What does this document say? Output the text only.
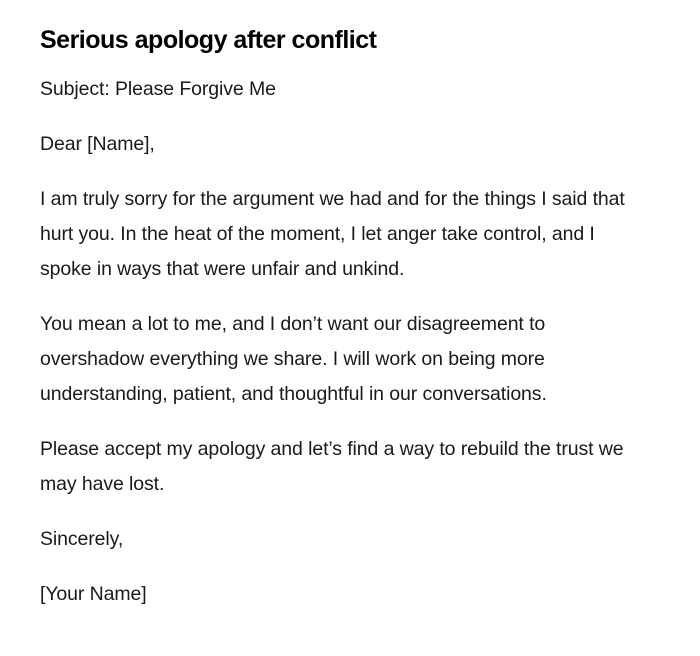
Serious apology after conflict

Subject: Please Forgive Me

Dear [Name],

I am truly sorry for the argument we had and for the things I said that hurt you. In the heat of the moment, I let anger take control, and I spoke in ways that were unfair and unkind.

You mean a lot to me, and I don’t want our disagreement to overshadow everything we share. I will work on being more understanding, patient, and thoughtful in our conversations.

Please accept my apology and let’s find a way to rebuild the trust we may have lost.

Sincerely,

[Your Name]
